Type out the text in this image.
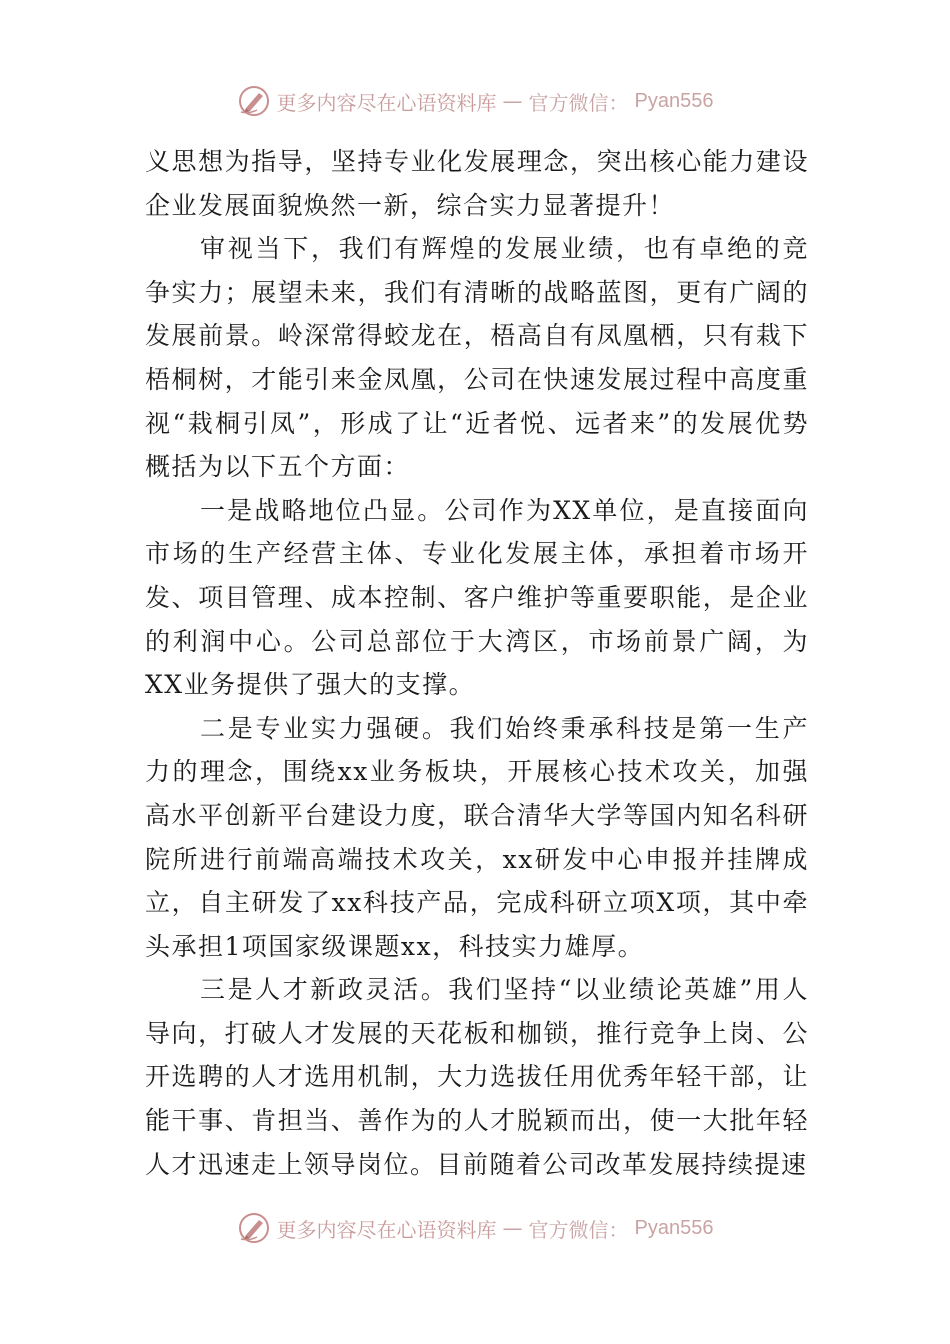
更多内容尽在心语资料库 — 官方微信： Pyan556

义思想为指导，坚持专业化发展理念，突出核心能力建设企业发展面貌焕然一新，综合实力显著提升！

审视当下，我们有辉煌的发展业绩，也有卓绝的竞争实力；展望未来，我们有清晰的战略蓝图，更有广阔的发展前景。岭深常得蛟龙在，梧高自有凤凰栖，只有栽下梧桐树，才能引来金凤凰，公司在快速发展过程中高度重视“栽桐引凤”，形成了让“近者悦、远者来”的发展优势概括为以下五个方面：

一是战略地位凸显。公司作为XX单位，是直接面向市场的生产经营主体、专业化发展主体，承担着市场开发、项目管理、成本控制、客户维护等重要职能，是企业的利润中心。公司总部位于大湾区，市场前景广阔，为XX业务提供了强大的支撑。

二是专业实力强硬。我们始终秉承科技是第一生产力的理念，围绕xx业务板块，开展核心技术攻关，加强高水平创新平台建设力度，联合清华大学等国内知名科研院所进行前端高端技术攻关，xx研发中心申报并挂牌成立，自主研发了xx科技产品，完成科研立项X项，其中牵头承担1项国家级课题xx，科技实力雄厚。

三是人才新政灵活。我们坚持“以业绩论英雄”用人导向，打破人才发展的天花板和枷锁，推行竞争上岗、公开选聘的人才选用机制，大力选拔任用优秀年轻干部，让能干事、肯担当、善作为的人才脱颖而出，使一大批年轻人才迅速走上领导岗位。目前随着公司改革发展持续提速

更多内容尽在心语资料库 — 官方微信： Pyan556
